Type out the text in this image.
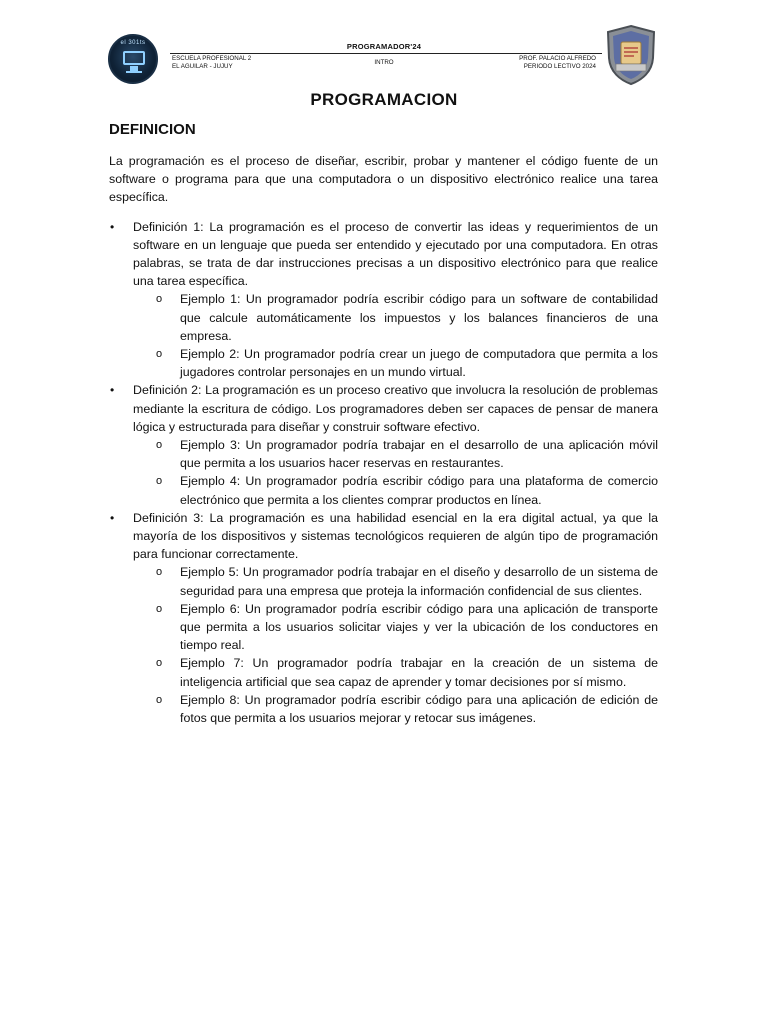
el 301ts	PROGRAMADOR'24
ESCUELA PROFESIONAL 2
EL AGUILAR - JUJUY
INTRO
PROF. PALACIO ALFREDO
PERIODO LECTIVO 2024
PROGRAMACION
DEFINICION

La programación es el proceso de diseñar, escribir, probar y mantener el código fuente de un software o programa para que una computadora o un dispositivo electrónico realice una tarea específica.

• Definición 1: La programación es el proceso de convertir las ideas y requerimientos de un software en un lenguaje que pueda ser entendido y ejecutado por una computadora. En otras palabras, se trata de dar instrucciones precisas a un dispositivo electrónico para que realice una tarea específica.
o Ejemplo 1: Un programador podría escribir código para un software de contabilidad que calcule automáticamente los impuestos y los balances financieros de una empresa.
o Ejemplo 2: Un programador podría crear un juego de computadora que permita a los jugadores controlar personajes en un mundo virtual.
• Definición 2: La programación es un proceso creativo que involucra la resolución de problemas mediante la escritura de código. Los programadores deben ser capaces de pensar de manera lógica y estructurada para diseñar y construir software efectivo.
o Ejemplo 3: Un programador podría trabajar en el desarrollo de una aplicación móvil que permita a los usuarios hacer reservas en restaurantes.
o Ejemplo 4: Un programador podría escribir código para una plataforma de comercio electrónico que permita a los clientes comprar productos en línea.
• Definición 3: La programación es una habilidad esencial en la era digital actual, ya que la mayoría de los dispositivos y sistemas tecnológicos requieren de algún tipo de programación para funcionar correctamente.
o Ejemplo 5: Un programador podría trabajar en el diseño y desarrollo de un sistema de seguridad para una empresa que proteja la información confidencial de sus clientes.
o Ejemplo 6: Un programador podría escribir código para una aplicación de transporte que permita a los usuarios solicitar viajes y ver la ubicación de los conductores en tiempo real.
o Ejemplo 7: Un programador podría trabajar en la creación de un sistema de inteligencia artificial que sea capaz de aprender y tomar decisiones por sí mismo.
o Ejemplo 8: Un programador podría escribir código para una aplicación de edición de fotos que permita a los usuarios mejorar y retocar sus imágenes.
